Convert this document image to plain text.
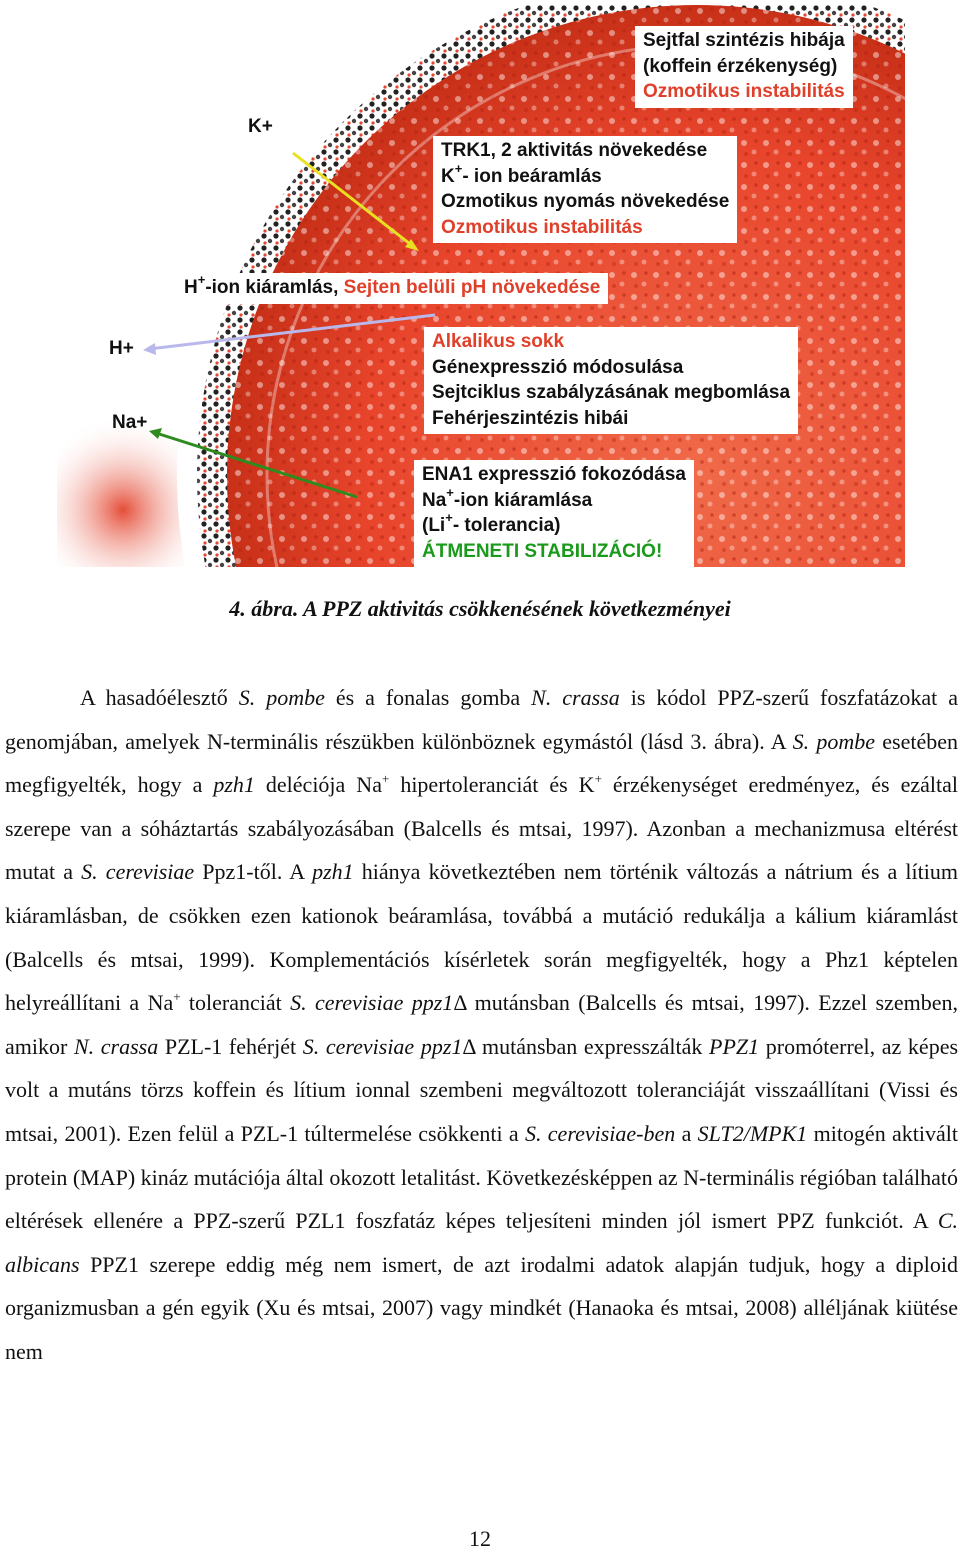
K+
H+
Na+
Sejtfal szintézis hibája
(koffein érzékenység)
Ozmotikus instabilitás
TRK1, 2 aktivitás növekedése
K+- ion beáramlás
Ozmotikus nyomás növekedése
Ozmotikus instabilitás
H+-ion kiáramlás, Sejten belüli pH növekedése
Alkalikus sokk
Génexpresszió módosulása
Sejtciklus szabályzásának megbomlása
Fehérjeszintézis hibái
ENA1 expresszió fokozódása
Na+-ion kiáramlása
(Li+- tolerancia)
ÁTMENETI STABILIZÁCIÓ!
4. ábra. A PPZ aktivitás csökkenésének következményei

A hasadóélesztő S. pombe és a fonalas gomba N. crassa is kódol PPZ-szerű foszfatázokat a genomjában, amelyek N-terminális részükben különböznek egymástól (lásd 3. ábra). A S. pombe esetében megfigyelték, hogy a pzh1 deléciója Na+ hipertoleranciát és K+ érzékenységet eredményez, és ezáltal szerepe van a sóháztartás szabályozásában (Balcells és mtsai, 1997). Azonban a mechanizmusa eltérést mutat a S. cerevisiae Ppz1-től. A pzh1 hiánya következtében nem történik változás a nátrium és a lítium kiáramlásban, de csökken ezen kationok beáramlása, továbbá a mutáció redukálja a kálium kiáramlást (Balcells és mtsai, 1999). Komplementációs kísérletek során megfigyelték, hogy a Phz1 képtelen helyreállítani a Na+ toleranciát S. cerevisiae ppz1Δ mutánsban (Balcells és mtsai, 1997). Ezzel szemben, amikor N. crassa PZL-1 fehérjét S. cerevisiae ppz1Δ mutánsban expresszálták PPZ1 promóterrel, az képes volt a mutáns törzs koffein és lítium ionnal szembeni megváltozott toleranciáját visszaállítani (Vissi és mtsai, 2001). Ezen felül a PZL-1 túltermelése csökkenti a S. cerevisiae-ben a SLT2/MPK1 mitogén aktivált protein (MAP) kináz mutációja által okozott letalitást. Következésképpen az N-terminális régióban található eltérések ellenére a PPZ-szerű PZL1 foszfatáz képes teljesíteni minden jól ismert PPZ funkciót. A C. albicans PPZ1 szerepe eddig még nem ismert, de azt irodalmi adatok alapján tudjuk, hogy a diploid organizmusban a gén egyik (Xu és mtsai, 2007) vagy mindkét (Hanaoka és mtsai, 2008) alléljának kiütése nem

12
